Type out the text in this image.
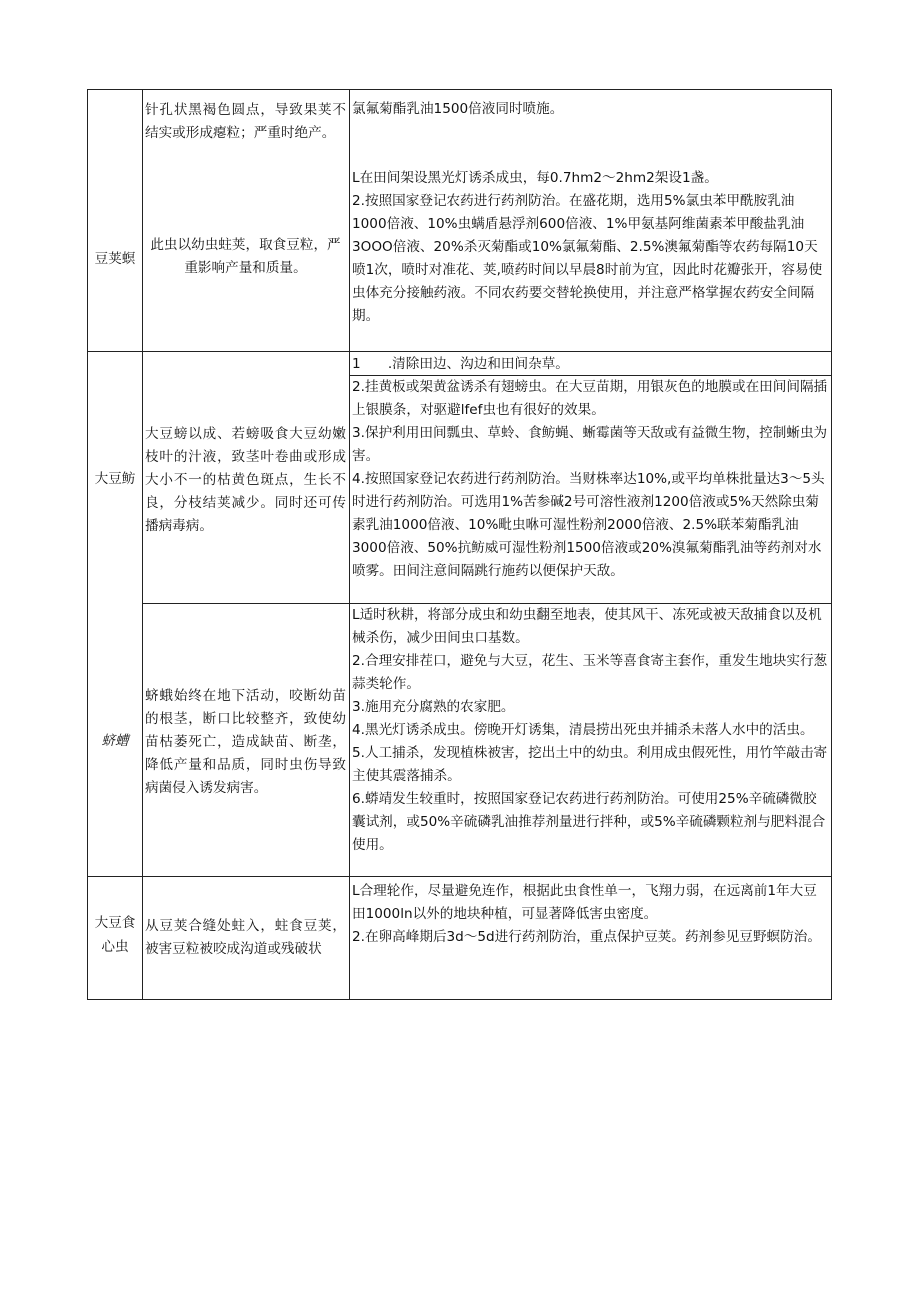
豆荚螟
针孔状黑褐色圆点，导致果荚不结实或形成瘪粒；严重时绝产。
此虫以幼虫蛀荚，取食豆粒，严重影响产量和质量。

氯氟菊酯乳油1500倍液同时喷施。

L在田间架设黑光灯诱杀成虫，每0.7hm2～2hm2架设1盏。

2.按照国家登记农药进行药剂防治。在盛花期，选用5%氯虫苯甲酰胺乳油1000倍液、10%虫螨盾悬浮剂600倍液、1%甲氨基阿维菌素苯甲酸盐乳油3OOO倍液、20%杀灭菊酯或10%氯氟菊酯、2.5%澳氟菊酯等农药每隔10天喷1次，喷时对准花、荚,喷药时间以早晨8时前为宜，因此时花瓣张开，容易使虫体充分接触药液。不同农药要交替轮换使用，并注意严格掌握农药安全间隔期。

大豆鲂
大豆螃以成、若螃吸食大豆幼嫩枝叶的汁液，致茎叶卷曲或形成大小不一的枯黄色斑点，生长不良，分枝结荚减少。同时还可传播病毒病。

1　　.清除田边、沟边和田间杂草。

2.挂黄板或架黄盆诱杀有翅螃虫。在大豆苗期，用银灰色的地膜或在田间间隔插上银膜条，对驱避lfef虫也有很好的效果。

3.保护利用田间瓢虫、草蛉、食鲂蝇、蜥霉菌等天敌或有益微生物，控制蜥虫为害。

4.按照国家登记农药进行药剂防治。当财株率达10%,或平均单株批量达3～5头时进行药剂防治。可选用1%苦参碱2号可溶性液剂1200倍液或5%天然除虫菊素乳油1000倍液、10%毗虫咻可湿性粉剂2000倍液、2.5%联苯菊酯乳油3000倍液、50%抗鲂威可湿性粉剂1500倍液或20%溴氟菊酯乳油等药剂对水喷雾。田间注意间隔跳行施药以便保护天敌。

蛴螬
蛴蛾始终在地下活动，咬断幼苗的根茎，断口比较整齐，致使幼苗枯萎死亡，造成缺苗、断垄，降低产量和品质，同时虫伤导致病菌侵入诱发病害。

L适时秋耕，将部分成虫和幼虫翻至地表，使其风干、冻死或被天敌捕食以及机械杀伤，减少田间虫口基数。

2.合理安排茬口，避免与大豆，花生、玉米等喜食寄主套作，重发生地块实行葱蒜类轮作。

3.施用充分腐熟的农家肥。

4.黑光灯诱杀成虫。傍晚开灯诱集，清晨捞出死虫并捕杀未落人水中的活虫。

5.人工捕杀，发现植株被害，挖出土中的幼虫。利用成虫假死性，用竹竿敲击寄主使其震落捕杀。

6.蟒靖发生较重时，按照国家登记农药进行药剂防治。可使用25%辛硫磷微胶囊试剂，或50%辛硫磷乳油推荐剂量进行拌种，或5%辛硫磷颗粒剂与肥料混合使用。

大豆食心虫
从豆荚合缝处蛀入，蛀食豆荚，被害豆粒被咬成沟道或残破状

L合理轮作，尽量避免连作，根据此虫食性单一，飞翔力弱，在远离前1年大豆田1000ln以外的地块种植，可显著降低害虫密度。

2.在卵高峰期后3d～5d进行药剂防治，重点保护豆荚。药剂参见豆野螟防治。
